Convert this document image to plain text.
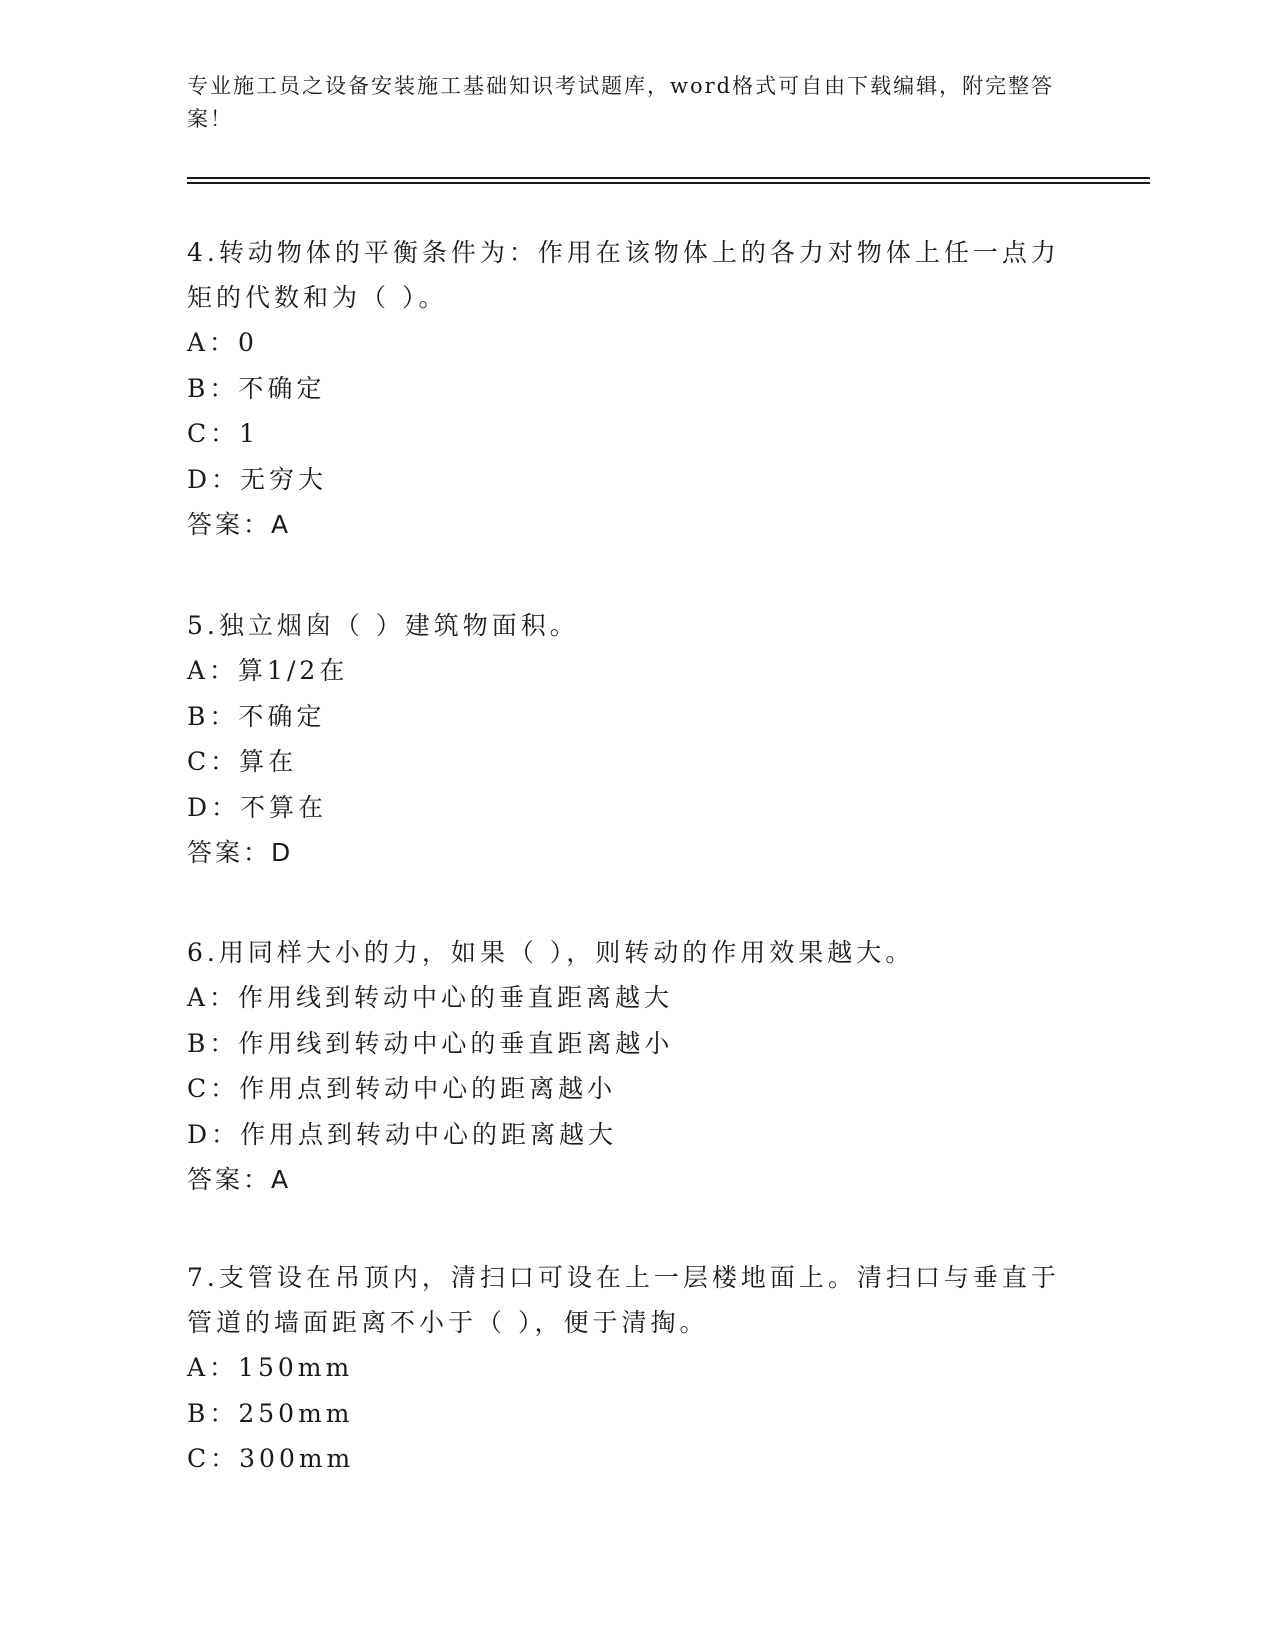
专业施工员之设备安装施工基础知识考试题库，word格式可自由下载编辑，附完整答案！

4.转动物体的平衡条件为：作用在该物体上的各力对物体上任一点力矩的代数和为（ ）。

A：0

B：不确定

C：1

D：无穷大

答案：A

5.独立烟囱（ ）建筑物面积。

A：算1/2在

B：不确定

C：算在

D：不算在

答案：D

6.用同样大小的力，如果（ ），则转动的作用效果越大。

A：作用线到转动中心的垂直距离越大

B：作用线到转动中心的垂直距离越小

C：作用点到转动中心的距离越小

D：作用点到转动中心的距离越大

答案：A

7.支管设在吊顶内，清扫口可设在上一层楼地面上。清扫口与垂直于管道的墙面距离不小于（ ），便于清掏。

A：150mm

B：250mm

C：300mm
